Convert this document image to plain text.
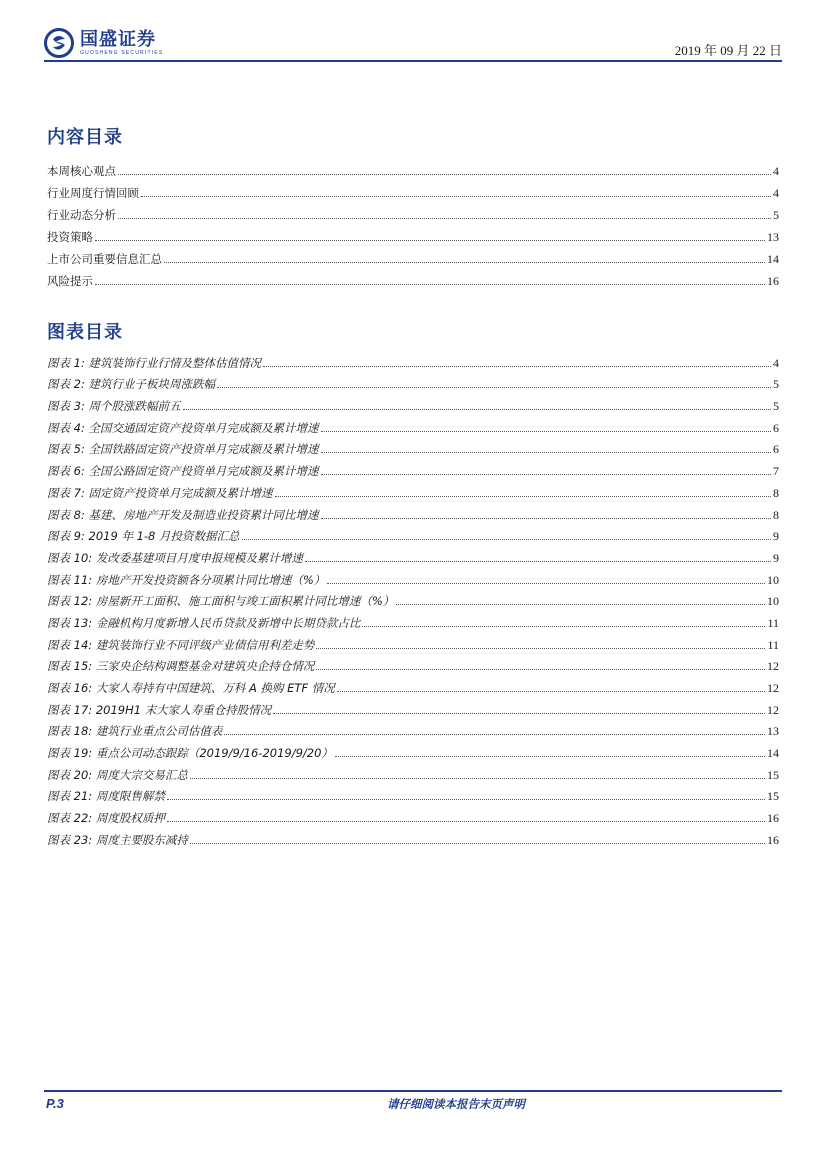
国盛证券
GUOSHENG SECURITIES	2019 年 09 月 22 日
内容目录
本周核心观点	4
行业周度行情回顾	4
行业动态分析	5
投资策略	13
上市公司重要信息汇总	14
风险提示	16
图表目录
图表 1: 建筑装饰行业行情及整体估值情况	4
图表 2: 建筑行业子板块周涨跌幅	5
图表 3: 周个股涨跌幅前五	5
图表 4: 全国交通固定资产投资单月完成额及累计增速	6
图表 5: 全国铁路固定资产投资单月完成额及累计增速	6
图表 6: 全国公路固定资产投资单月完成额及累计增速	7
图表 7: 固定资产投资单月完成额及累计增速	8
图表 8: 基建、房地产开发及制造业投资累计同比增速	8
图表 9: 2019 年 1-8 月投资数据汇总	9
图表 10: 发改委基建项目月度申报规模及累计增速	9
图表 11: 房地产开发投资额各分项累计同比增速（%）	10
图表 12: 房屋新开工面积、施工面积与竣工面积累计同比增速（%）	10
图表 13: 金融机构月度新增人民币贷款及新增中长期贷款占比	11
图表 14: 建筑装饰行业不同评级产业债信用利差走势	11
图表 15: 三家央企结构调整基金对建筑央企持仓情况	12
图表 16: 大家人寿持有中国建筑、万科 A 换购 ETF 情况	12
图表 17: 2019H1 末大家人寿重仓持股情况	12
图表 18: 建筑行业重点公司估值表	13
图表 19: 重点公司动态跟踪（2019/9/16-2019/9/20）	14
图表 20: 周度大宗交易汇总	15
图表 21: 周度限售解禁	15
图表 22: 周度股权质押	16
图表 23: 周度主要股东减持	16
P.3	请仔细阅读本报告末页声明
